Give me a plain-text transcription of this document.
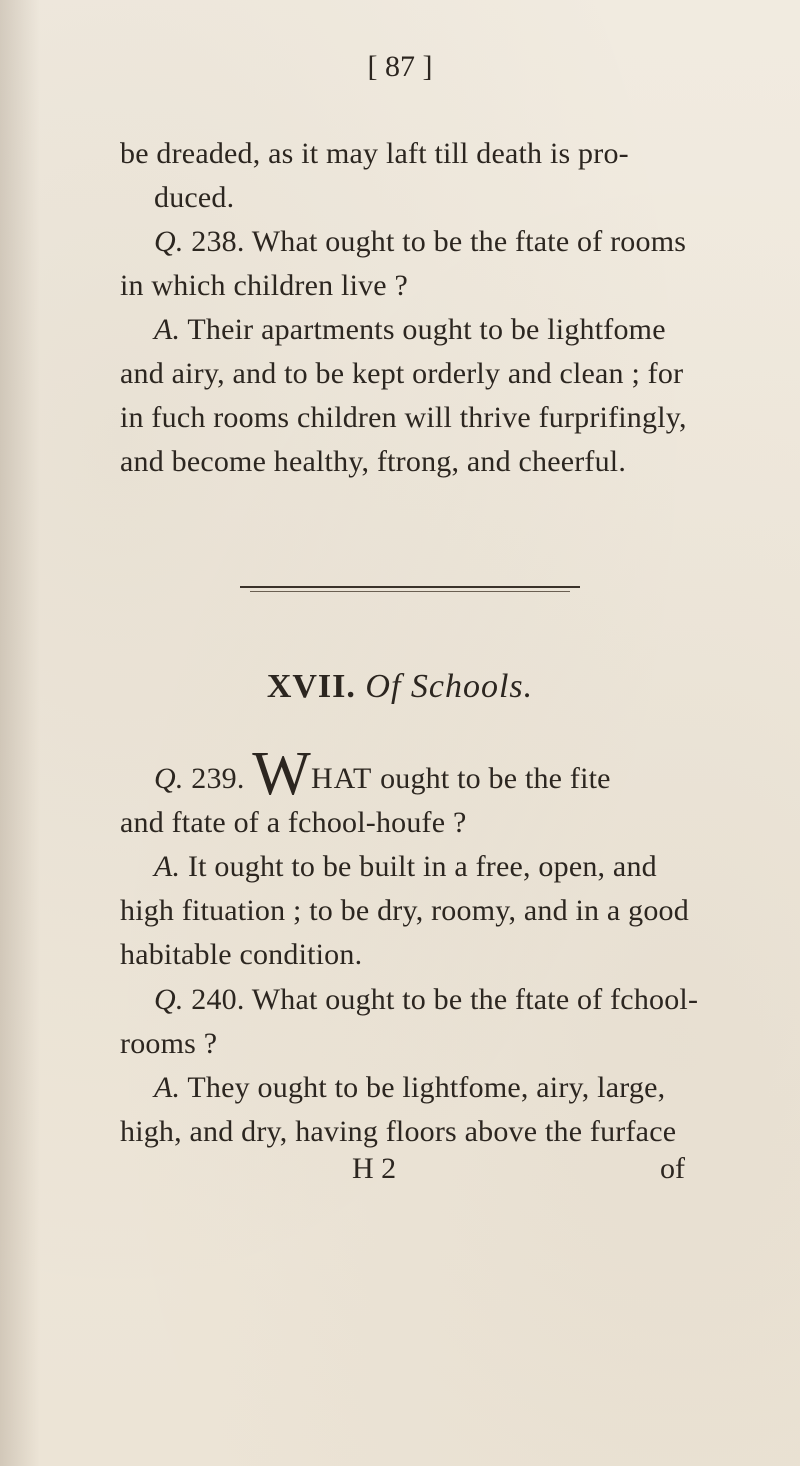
[ 87 ]
be dreaded, as it may laft till death is pro-
duced.
Q. 238. What ought to be the ftate of rooms
in which children live ?
A. Their apartments ought to be lightfome
and airy, and to be kept orderly and clean ; for
in fuch rooms children will thrive furprifingly,
and become healthy, ftrong, and cheerful.
XVII. Of Schools.
Q. 239. WHAT ought to be the fite
and ftate of a fchool-houfe ?
A. It ought to be built in a free, open, and
high fituation ; to be dry, roomy, and in a good
habitable condition.
Q. 240. What ought to be the ftate of fchool-
rooms ?
A. They ought to be lightfome, airy, large,
high, and dry, having floors above the furface
H 2	of
